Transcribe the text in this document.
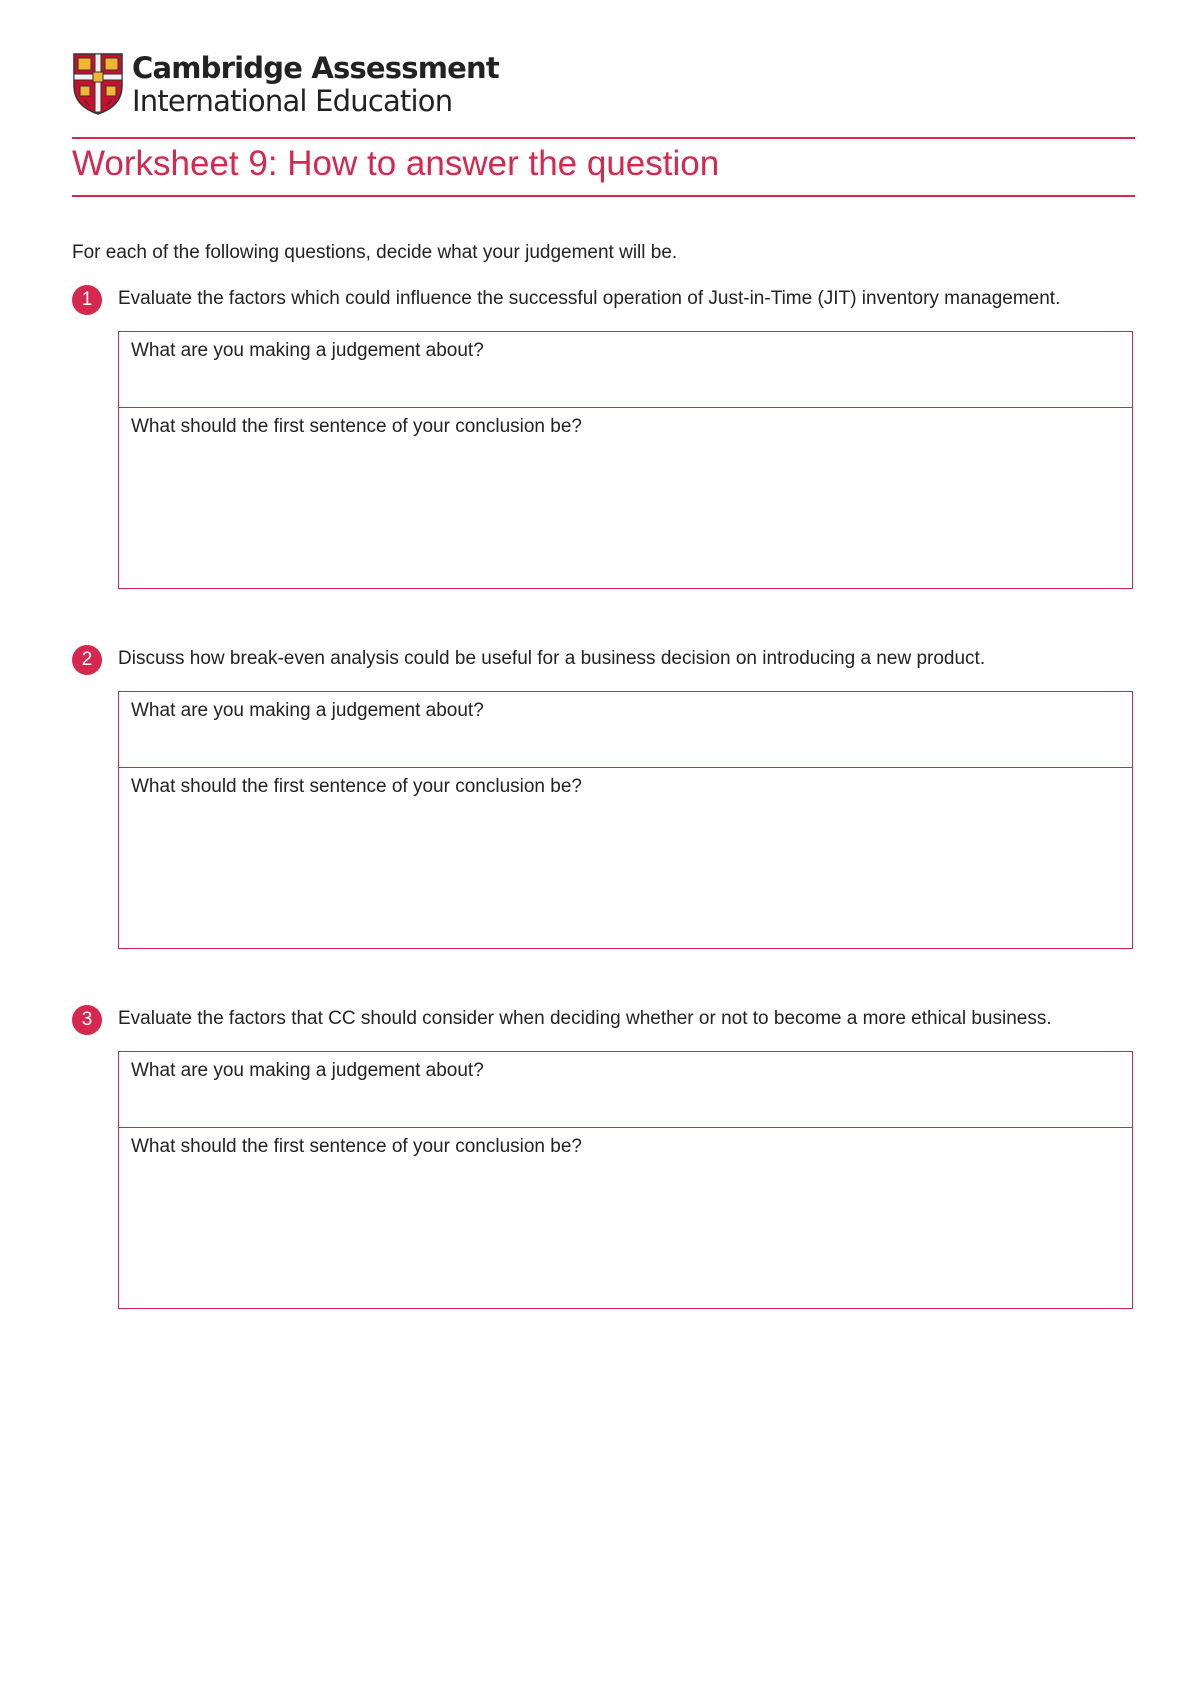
Cambridge Assessment
International Education
Worksheet 9: How to answer the question
For each of the following questions, decide what your judgement will be.
1	Evaluate the factors which could influence the successful operation of Just-in-Time (JIT) inventory management.
What are you making a judgement about?
What should the first sentence of your conclusion be?
2	Discuss how break-even analysis could be useful for a business decision on introducing a new product.
What are you making a judgement about?
What should the first sentence of your conclusion be?
3	Evaluate the factors that CC should consider when deciding whether or not to become a more ethical business.
What are you making a judgement about?
What should the first sentence of your conclusion be?
